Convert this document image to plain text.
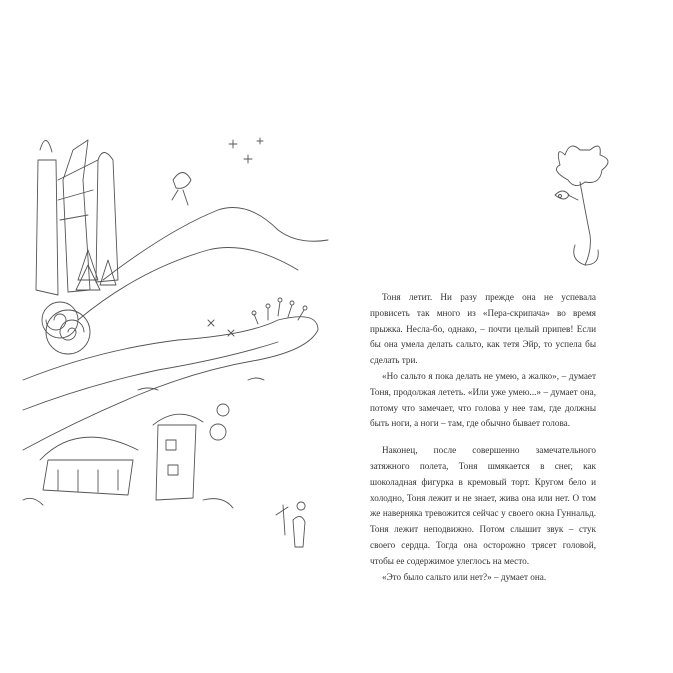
Тоня летит. Ни разу прежде она не успевала провисеть так много из «Пера-скрипача» во время прыжка. Несла-бо, однако, – почти целый припев! Если бы она умела делать сальто, как тетя Эйр, то успела бы сделать три.

«Но сальто я пока делать не умею, а жалко», – думает Тоня, продолжая лететь. «Или уже умею...» – думает она, потому что замечает, что голова у нее там, где должны быть ноги, а ноги – там, где обычно бывает голова.

Наконец, после совершенно замечательного затяжного полета, Тоня шмякается в снег, как шоколадная фигурка в кремовый торт. Кругом бело и холодно, Тоня лежит и не знает, жива она или нет. О том же наверняка тревожится сейчас у своего окна Гуннальд. Тоня лежит неподвижно. Потом слышит звук – стук своего сердца. Тогда она осторожно трясет головой, чтобы ее содержимое улеглось на место.

«Это было сальто или нет?» – думает она.
